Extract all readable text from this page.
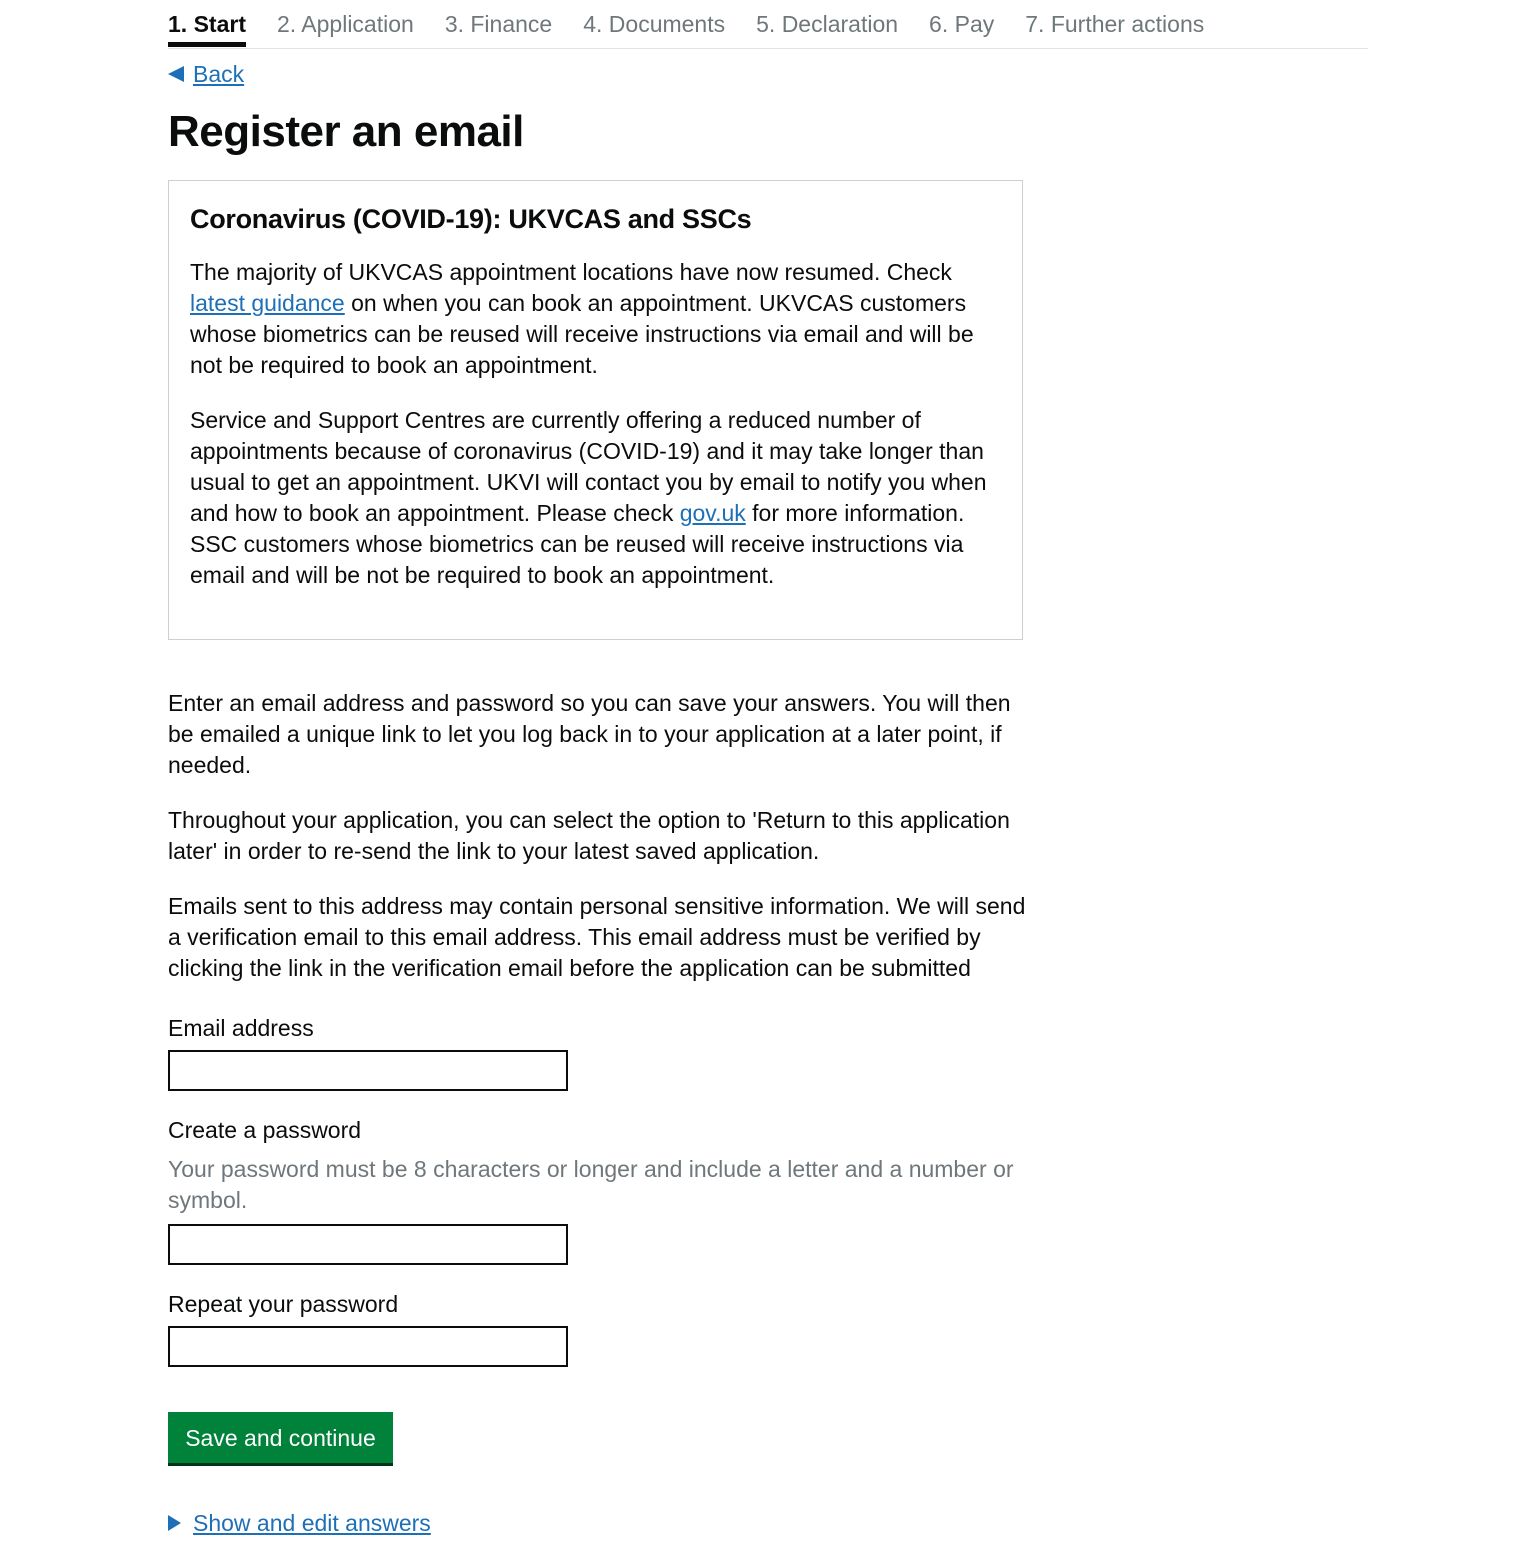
1. Start 2. Application 3. Finance 4. Documents 5. Declaration 6. Pay 7. Further actions
Back
Register an email
Coronavirus (COVID-19): UKVCAS and SSCs

The majority of UKVCAS appointment locations have now resumed. Check latest guidance on when you can book an appointment. UKVCAS customers whose biometrics can be reused will receive instructions via email and will be not be required to book an appointment.

Service and Support Centres are currently offering a reduced number of appointments because of coronavirus (COVID-19) and it may take longer than usual to get an appointment. UKVI will contact you by email to notify you when and how to book an appointment. Please check gov.uk for more information. SSC customers whose biometrics can be reused will receive instructions via email and will be not be required to book an appointment.

Enter an email address and password so you can save your answers. You will then be emailed a unique link to let you log back in to your application at a later point, if needed.

Throughout your application, you can select the option to 'Return to this application later' in order to re-send the link to your latest saved application.

Emails sent to this address may contain personal sensitive information. We will send a verification email to this email address. This email address must be verified by clicking the link in the verification email before the application can be submitted

Email address
Create a password
Your password must be 8 characters or longer and include a letter and a number or symbol.
Repeat your password
Save and continue
Show and edit answers
